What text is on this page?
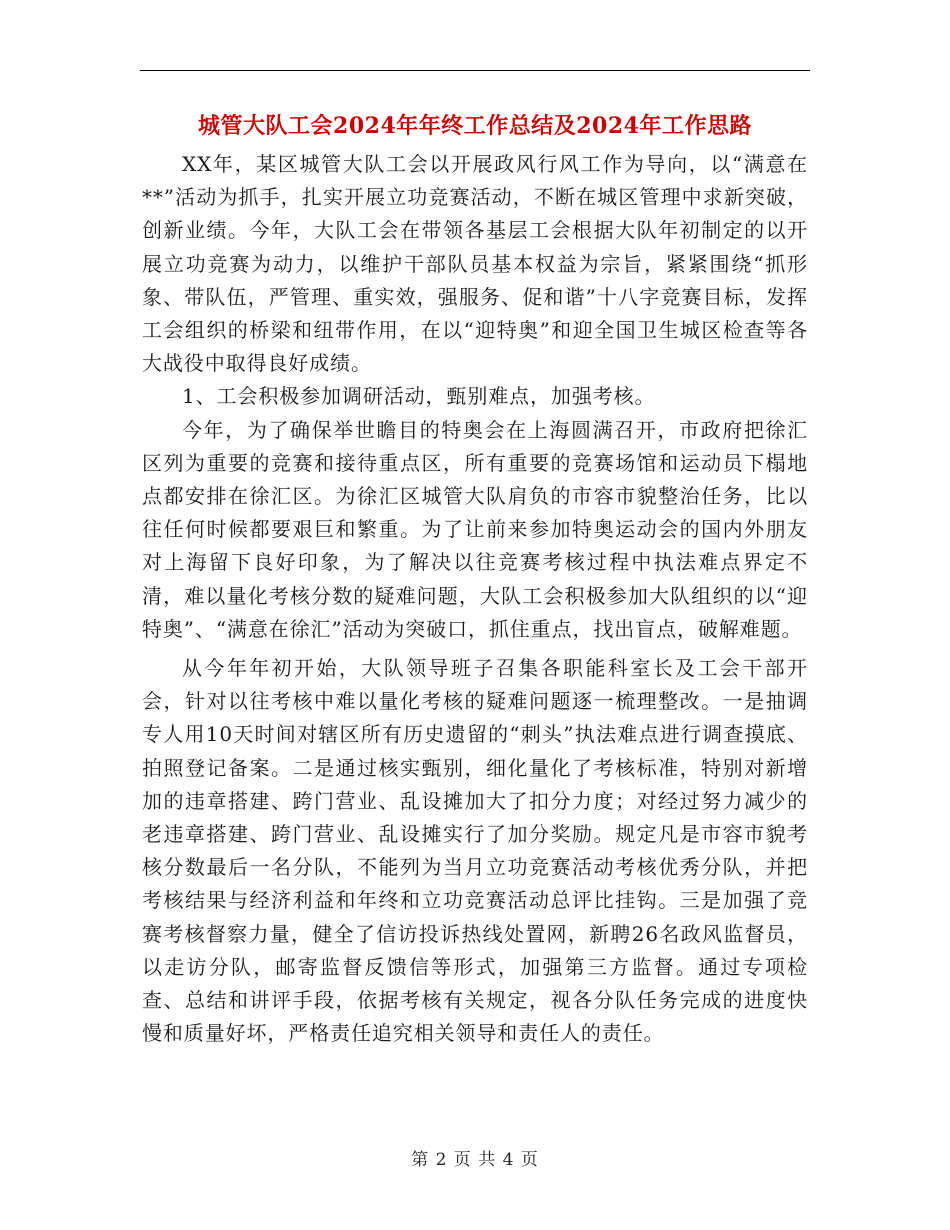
城管大队工会2024年年终工作总结及2024年工作思路

XX年，某区城管大队工会以开展政风行风工作为导向，以“满意在**”活动为抓手，扎实开展立功竞赛活动，不断在城区管理中求新突破，创新业绩。今年，大队工会在带领各基层工会根据大队年初制定的以开展立功竞赛为动力，以维护干部队员基本权益为宗旨，紧紧围绕“抓形象、带队伍，严管理、重实效，强服务、促和谐”十八字竞赛目标，发挥工会组织的桥梁和纽带作用，在以“迎特奥”和迎全国卫生城区检查等各大战役中取得良好成绩。

1、工会积极参加调研活动，甄别难点，加强考核。

今年，为了确保举世瞻目的特奥会在上海圆满召开，市政府把徐汇区列为重要的竞赛和接待重点区，所有重要的竞赛场馆和运动员下榻地点都安排在徐汇区。为徐汇区城管大队肩负的市容市貌整治任务，比以往任何时候都要艰巨和繁重。为了让前来参加特奥运动会的国内外朋友对上海留下良好印象，为了解决以往竞赛考核过程中执法难点界定不清，难以量化考核分数的疑难问题，大队工会积极参加大队组织的以“迎特奥”、“满意在徐汇”活动为突破口，抓住重点，找出盲点，破解难题。

从今年年初开始，大队领导班子召集各职能科室长及工会干部开会，针对以往考核中难以量化考核的疑难问题逐一梳理整改。一是抽调专人用10天时间对辖区所有历史遗留的“刺头”执法难点进行调查摸底、拍照登记备案。二是通过核实甄别，细化量化了考核标准，特别对新增加的违章搭建、跨门营业、乱设摊加大了扣分力度；对经过努力减少的老违章搭建、跨门营业、乱设摊实行了加分奖励。规定凡是市容市貌考核分数最后一名分队，不能列为当月立功竞赛活动考核优秀分队，并把考核结果与经济利益和年终和立功竞赛活动总评比挂钩。三是加强了竞赛考核督察力量，健全了信访投诉热线处置网，新聘26名政风监督员，以走访分队，邮寄监督反馈信等形式，加强第三方监督。通过专项检查、总结和讲评手段，依据考核有关规定，视各分队任务完成的进度快慢和质量好坏，严格责任追究相关领导和责任人的责任。

第 2 页 共 4 页
